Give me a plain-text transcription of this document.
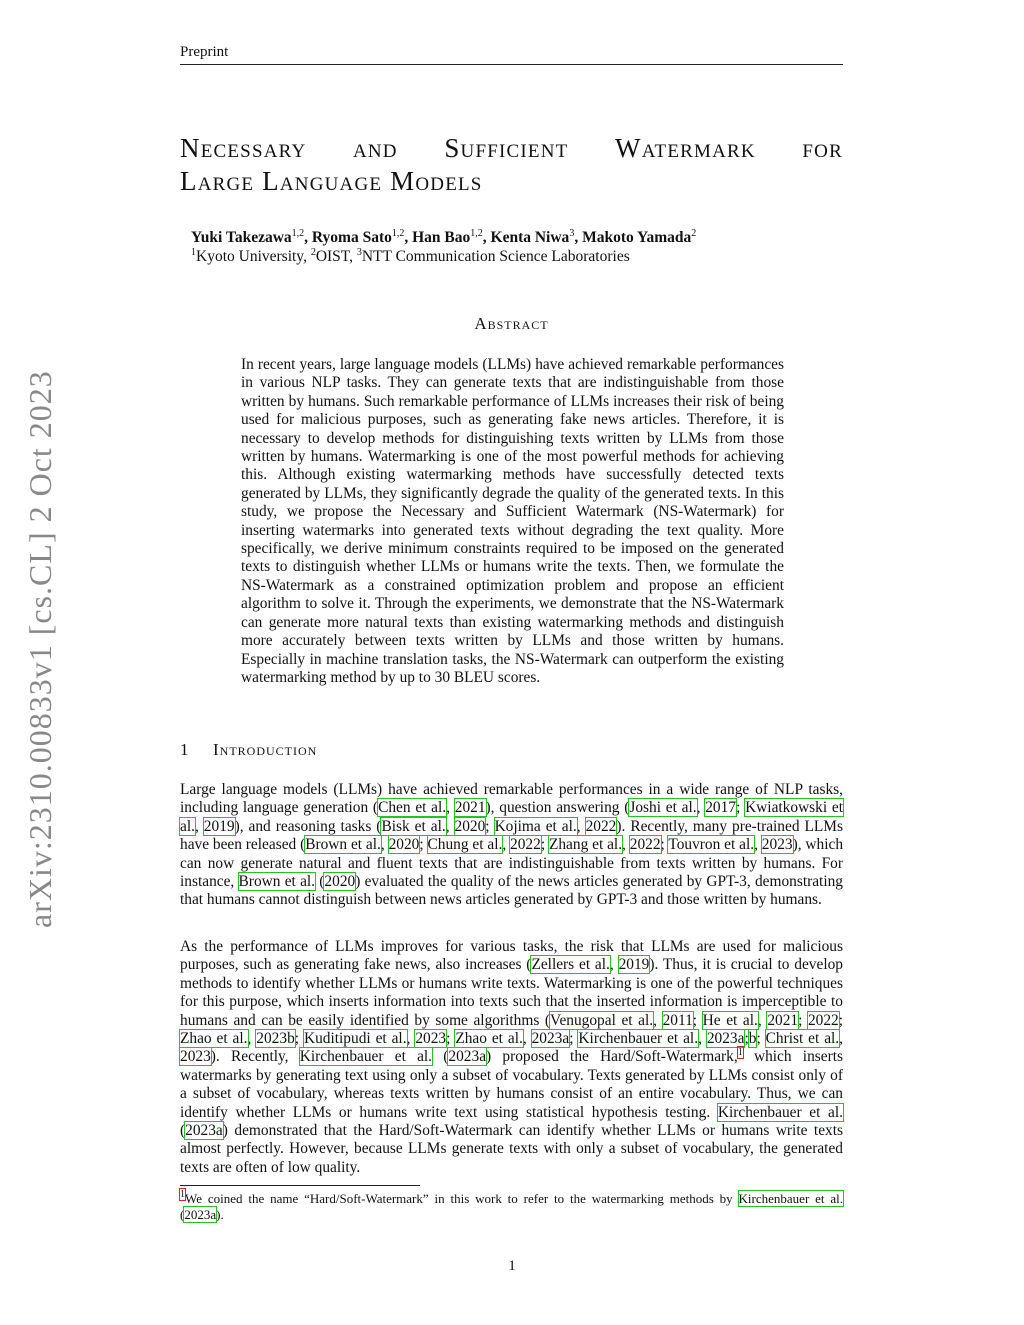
Preprint
arXiv:2310.00833v1 [cs.CL] 2 Oct 2023
Necessary and Sufficient Watermark for
Large Language Models
Yuki Takezawa$^{1,2}$, Ryoma Sato$^{1,2}$, Han Bao$^{1,2}$, Kenta Niwa$^3$, Makoto Yamada$^2$
$^1$Kyoto University, $^2$OIST, $^3$NTT Communication Science Laboratories
Abstract
In recent years, large language models (LLMs) have achieved remarkable performances in various NLP tasks. They can generate texts that are indistinguishable from those written by humans. Such remarkable performance of LLMs increases their risk of being used for malicious purposes, such as generating fake news articles. Therefore, it is necessary to develop methods for distinguishing texts written by LLMs from those written by humans. Watermarking is one of the most powerful methods for achieving this. Although existing watermarking methods have successfully detected texts generated by LLMs, they significantly degrade the quality of the generated texts. In this study, we propose the Necessary and Sufficient Watermark (NS-Watermark) for inserting watermarks into generated texts without degrading the text quality. More specifically, we derive minimum constraints required to be imposed on the generated texts to distinguish whether LLMs or humans write the texts. Then, we formulate the NS-Watermark as a constrained optimization problem and propose an efficient algorithm to solve it. Through the experiments, we demonstrate that the NS-Watermark can generate more natural texts than existing watermarking methods and distinguish more accurately between texts written by LLMs and those written by humans. Especially in machine translation tasks, the NS-Watermark can outperform the existing watermarking method by up to 30 BLEU scores.
1 Introduction
Large language models (LLMs) have achieved remarkable performances in a wide range of NLP tasks, including language generation (Chen et al., 2021), question answering (Joshi et al., 2017; Kwiatkowski et al., 2019), and reasoning tasks (Bisk et al., 2020; Kojima et al., 2022). Recently, many pre-trained LLMs have been released (Brown et al., 2020; Chung et al., 2022; Zhang et al., 2022; Touvron et al., 2023), which can now generate natural and fluent texts that are indistinguishable from texts written by humans. For instance, Brown et al. (2020) evaluated the quality of the news articles generated by GPT-3, demonstrating that humans cannot distinguish between news articles generated by GPT-3 and those written by humans.
As the performance of LLMs improves for various tasks, the risk that LLMs are used for malicious purposes, such as generating fake news, also increases (Zellers et al., 2019). Thus, it is crucial to develop methods to identify whether LLMs or humans write texts. Watermarking is one of the powerful techniques for this purpose, which inserts information into texts such that the inserted information is imperceptible to humans and can be easily identified by some algorithms (Venugopal et al., 2011; He et al., 2021; 2022; Zhao et al., 2023b; Kuditipudi et al., 2023; Zhao et al., 2023a; Kirchenbauer et al., 2023a;b; Christ et al., 2023). Recently, Kirchenbauer et al. (2023a) proposed the Hard/Soft-Watermark,$^1$ which inserts watermarks by generating text using only a subset of vocabulary. Texts generated by LLMs consist only of a subset of vocabulary, whereas texts written by humans consist of an entire vocabulary. Thus, we can identify whether LLMs or humans write text using statistical hypothesis testing. Kirchenbauer et al. (2023a) demonstrated that the Hard/Soft-Watermark can identify whether LLMs or humans write texts almost perfectly. However, because LLMs generate texts with only a subset of vocabulary, the generated texts are often of low quality.
$^1$We coined the name “Hard/Soft-Watermark” in this work to refer to the watermarking methods by Kirchenbauer et al. (2023a).
1
